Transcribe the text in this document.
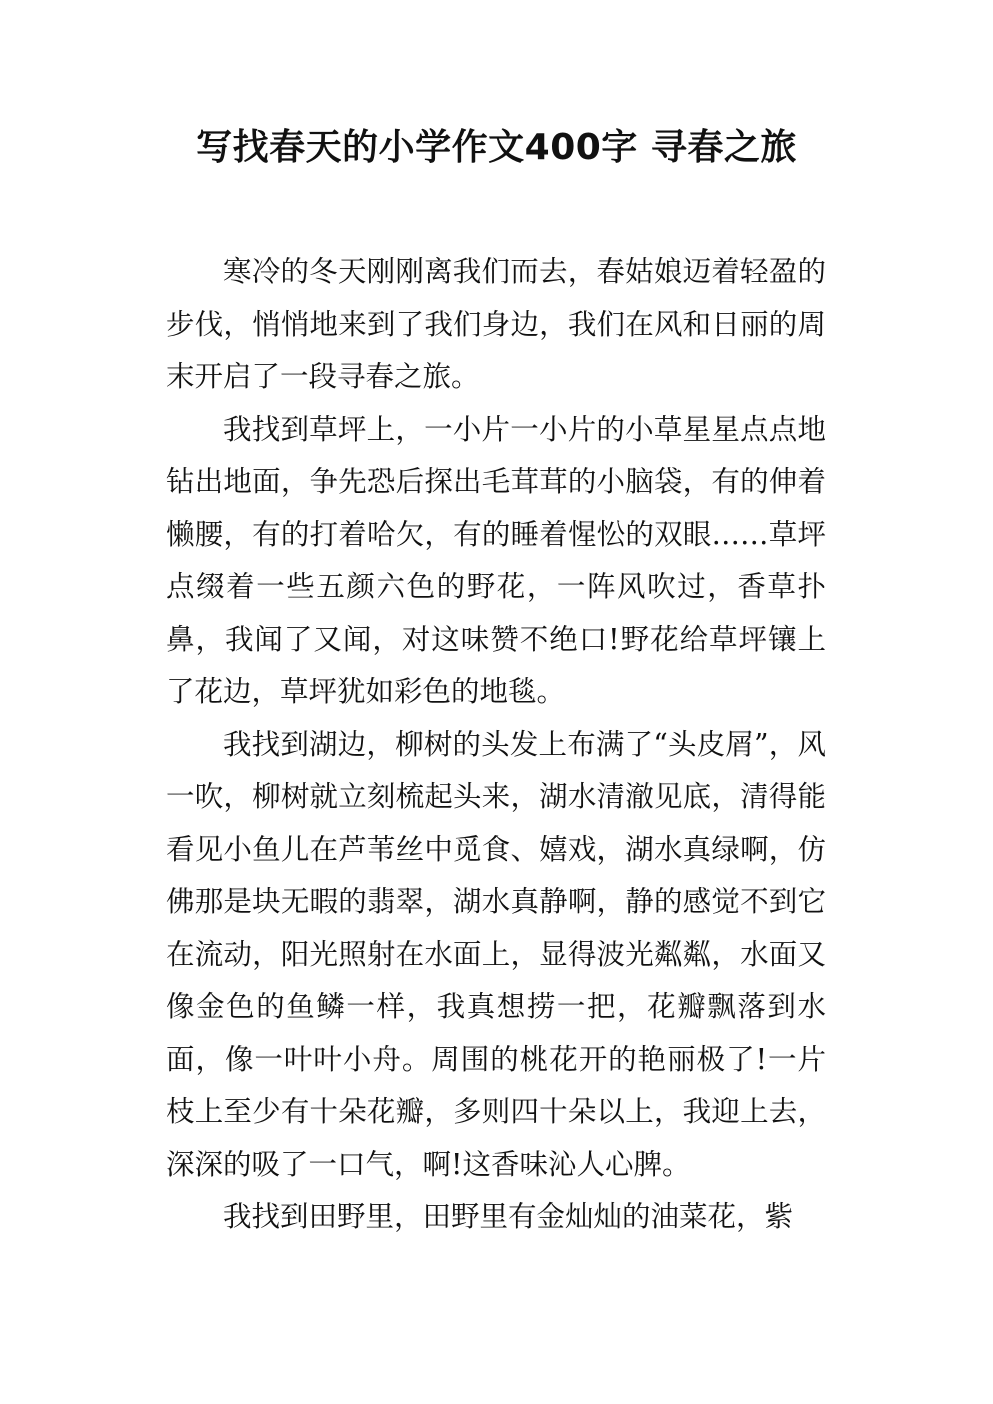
写找春天的小学作文400字 寻春之旅

寒冷的冬天刚刚离我们而去，春姑娘迈着轻盈的步伐，悄悄地来到了我们身边，我们在风和日丽的周末开启了一段寻春之旅。

我找到草坪上，一小片一小片的小草星星点点地钻出地面，争先恐后探出毛茸茸的小脑袋，有的伸着懒腰，有的打着哈欠，有的睡着惺忪的双眼……草坪点缀着一些五颜六色的野花，一阵风吹过，香草扑鼻，我闻了又闻，对这味赞不绝口!野花给草坪镶上了花边，草坪犹如彩色的地毯。

我找到湖边，柳树的头发上布满了“头皮屑”，风一吹，柳树就立刻梳起头来，湖水清澈见底，清得能看见小鱼儿在芦苇丝中觅食、嬉戏，湖水真绿啊，仿佛那是块无暇的翡翠，湖水真静啊，静的感觉不到它在流动，阳光照射在水面上，显得波光粼粼，水面又像金色的鱼鳞一样，我真想捞一把，花瓣飘落到水面，像一叶叶小舟。周围的桃花开的艳丽极了!一片枝上至少有十朵花瓣，多则四十朵以上，我迎上去，深深的吸了一口气，啊!这香味沁人心脾。

我找到田野里，田野里有金灿灿的油菜花，紫
